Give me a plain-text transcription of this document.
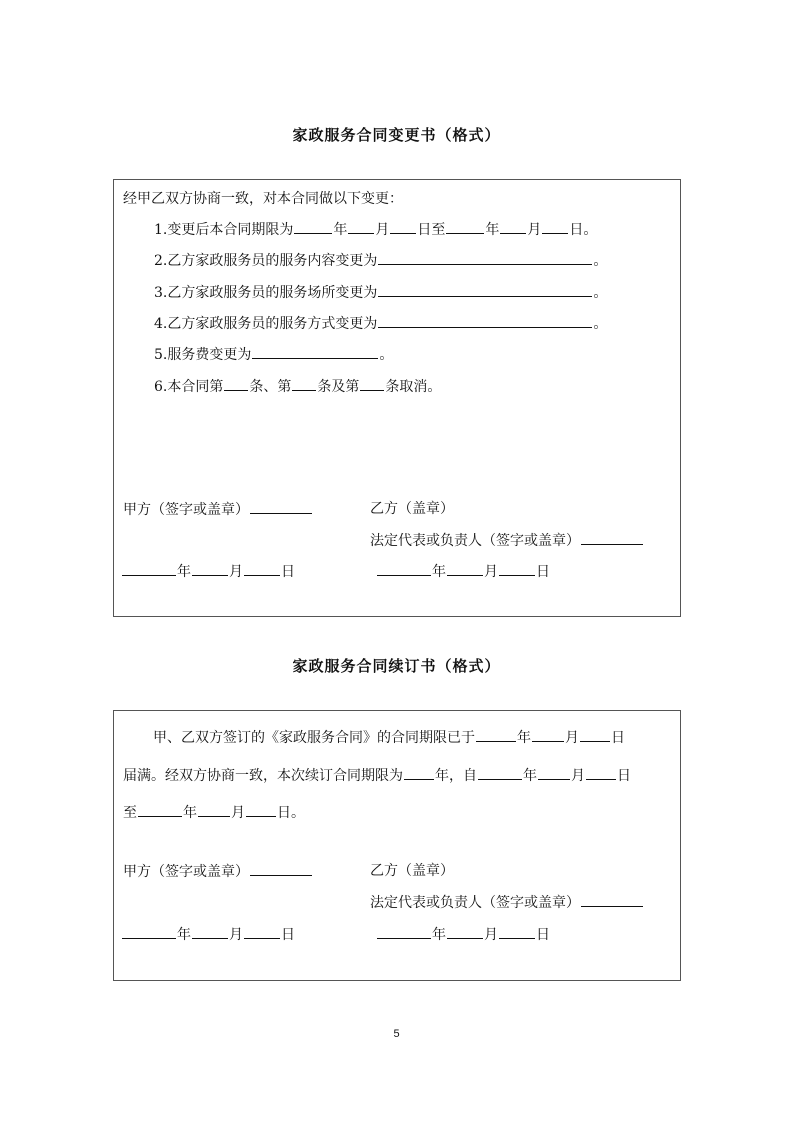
家政服务合同变更书（格式）
经甲乙双方协商一致，对本合同做以下变更：
1.变更后本合同期限为	年 月 日至	年 月 日。
2.乙方家政服务员的服务内容变更为	。
3.乙方家政服务员的服务场所变更为	。
4.乙方家政服务员的服务方式变更为	。
5.服务费变更为	。
6.本合同第 条、第 条及第 条取消。
甲方（签字或盖章）	乙方（盖章）
法定代表或负责人（签字或盖章）
年	月	日	年	月	日
家政服务合同续订书（格式）
甲、乙双方签订的《家政服务合同》的合同期限已于	年 月 日
届满。经双方协商一致，本次续订合同期限为 年，自	年 月 日
至	年 月 日。
甲方（签字或盖章）	乙方（盖章）
法定代表或负责人（签字或盖章）
年	月	日	年	月	日
5
